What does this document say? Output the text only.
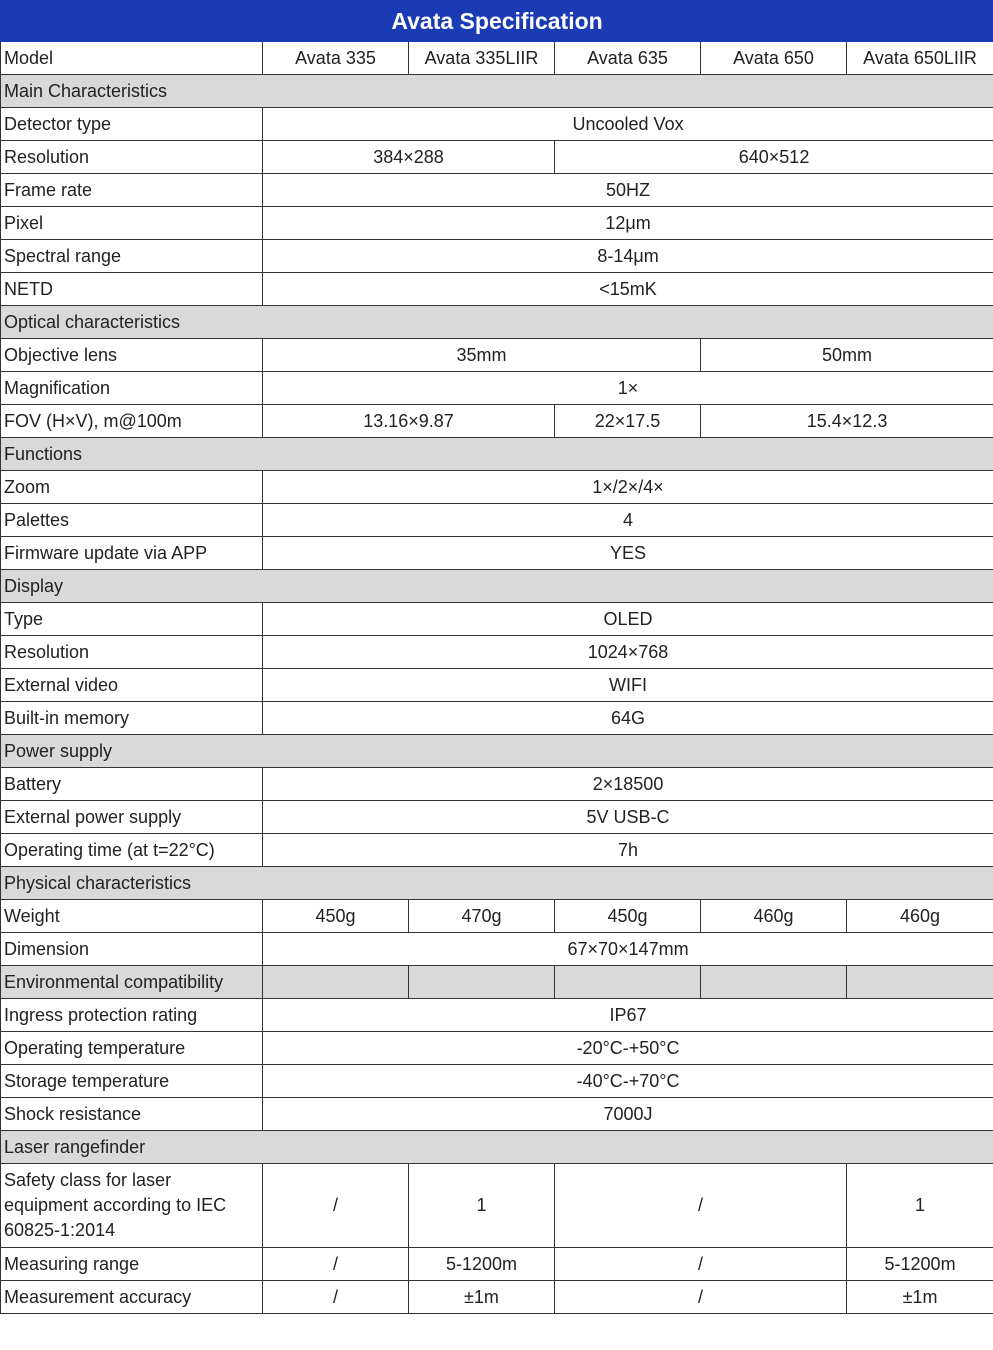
Avata Specification					
Model	Avata 335	Avata 335LIIR	Avata 635	Avata 650	Avata 650LIIR
Main Characteristics					
Detector type	Uncooled Vox				
Resolution	384×288		640×512		
Frame rate	50HZ				
Pixel	12μm				
Spectral range	8-14μm				
NETD	<15mK				
Optical characteristics					
Objective lens	35mm			50mm	
Magnification	1×				
FOV (H×V), m@100m	13.16×9.87		22×17.5	15.4×12.3	
Functions					
Zoom	1×/2×/4×				
Palettes	4				
Firmware update via APP	YES				
Display					
Type	OLED				
Resolution	1024×768				
External video	WIFI				
Built-in memory	64G				
Power supply					
Battery	2×18500				
External power supply	5V USB-C				
Operating time (at t=22°C)	7h				
Physical characteristics					
Weight	450g	470g	450g	460g	460g
Dimension	67×70×147mm				
Environmental compatibility					
Ingress protection rating	IP67				
Operating temperature	-20°C-+50°C				
Storage temperature	-40°C-+70°C				
Shock resistance	7000J				
Laser rangefinder					
Safety class for laser equipment according to IEC 60825-1:2014	/	1	/		1
Measuring range	/	5-1200m	/		5-1200m
Measurement accuracy	/	±1m	/		±1m
